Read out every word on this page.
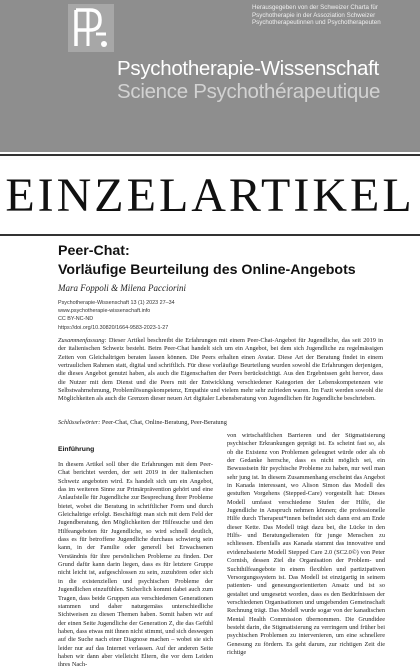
Herausgegeben von der Schweizer Charta für Psychotherapie in der Assoziation Schweizer Psychotherapeutinnen und Psychotherapeuten
Psychotherapie-Wissenschaft
Science Psychothérapeutique
EINZELARTIKEL
Peer-Chat:
Vorläufige Beurteilung des Online-Angebots
Mara Foppoli & Milena Pacciorini
Psychotherapie-Wissenschaft 13 (1) 2023 27–34
www.psychotherapie-wissenschaft.info
CC BY-NC-ND
https://doi.org/10.30820/1664-9583-2023-1-27
Zusammenfassung: Dieser Artikel beschreibt die Erfahrungen mit einem Peer-Chat-Angebot für Jugendliche, das seit 2019 in der italienischen Schweiz besteht. Beim Peer-Chat handelt sich um ein Angebot, bei dem sich Jugendliche zu regelmässigen Zeiten von Gleichaltrigen beraten lassen können. Die Peers erhalten einen Avatar. Diese Art der Beratung findet in einem vertraulichen Rahmen statt, digital und schriftlich. Für diese vorläufige Beurteilung wurden sowohl die Erfahrungen derjenigen, die dieses Angebot genutzt haben, als auch die Eigenschaften der Peers berücksichtigt. Aus den Ergebnissen geht hervor, dass die Nutzer mit dem Dienst und die Peers mit der Entwicklung verschiedener Kategorien der Lebenskompetenzen wie Selbstwahrnehmung, Problemlösungskompetenz, Empathie und vielem mehr sehr zufrieden waren. Im Fazit werden sowohl die Möglichkeiten als auch die Grenzen dieser neuen Art digitaler Lebensberatung von Jugendlichen für Jugendliche beschrieben.
Schlüsselwörter: Peer-Chat, Chat, Online-Beratung, Peer-Beratung
Einführung
In diesem Artikel soll über die Erfahrungen mit dem Peer-Chat berichtet werden, der seit 2019 in der italienischen Schweiz angeboten wird. Es handelt sich um ein Angebot, das im weiteren Sinne zur Primärprävention gehört und eine Anlaufstelle für Jugendliche zur Besprechung ihrer Probleme bietet, wobei die Beratung in schriftlicher Form und durch Gleichaltrige erfolgt. Beschäftigt man sich mit dem Feld der Jugendberatung, den Möglichkeiten der Hilfesuche und den Hilfeangeboten für Jugendliche, so wird schnell deutlich, dass es für betroffene Jugendliche durchaus schwierig sein kann, in der Familie oder generell bei Erwachsenen Verständnis für ihre persönlichen Probleme zu finden. Der Grund dafür kann darin liegen, dass es für letztere Gruppe nicht leicht ist, aufgeschlossen zu sein, zuzuhören oder sich in die existenziellen und psychischen Probleme der Jugendlichen einzufühlen. Sicherlich kommt dabei auch zum Tragen, dass beide Gruppen aus verschiedenen Generationen stammen und daher naturgemäss unterschiedliche Sichtweisen zu diesen Themen haben. Somit haben wir auf der einen Seite Jugendliche der Generation Z, die das Gefühl haben, dass etwas mit ihnen nicht stimmt, und sich deswegen auf die Suche nach einer Diagnose machen – wobei sie sich leider nur auf das Internet verlassen. Auf der anderen Seite haben wir dann aber vielleicht Eltern, die vor dem Leiden ihres Nach-
von wirtschaftlichen Barrieren und der Stigmatisierung psychischer Erkrankungen geprägt ist. Es scheint fast so, als ob die Existenz von Problemen geleugnet würde oder als ob der Gedanke herrsche, dass es nicht möglich sei, ein Bewusstsein für psychische Probleme zu haben, nur weil man sehr jung ist. In diesem Zusammenhang erscheint das Angebot in Kanada interessant, wo Alison Simon das Modell des gestuften Vorgehens (Stepped-Care) vorgestellt hat: Dieses Modell umfasst verschiedene Stufen der Hilfe, die Jugendliche in Anspruch nehmen können; die professionelle Hilfe durch Therapeut*innen befindet sich dann erst am Ende dieser Kette. Das Modell trägt dazu bei, die Lücke in den Hilfs- und Beratungsdiensten für junge Menschen zu schliessen. Ebenfalls aus Kanada stammt das innovative und evidenzbasierte Modell Stepped Care 2.0 (SC2.0©) von Peter Cornish, dessen Ziel die Organisation der Problem- und Suchthilfeangebote in einem flexiblen und partizipativen Versorgungssystem ist. Das Modell ist einzigartig in seinem patienten- und genesungsorientierten Ansatz und ist so gestaltet und umgesetzt worden, dass es den Bedürfnissen der verschiedenen Organisationen und umgebenden Gemeinschaft Rechnung trägt. Das Modell wurde sogar von der kanadischen Mental Health Commission übernommen. Die Grundidee besteht darin, die Stigmatisierung zu verringern und früher bei psychischen Problemen zu intervenieren, um eine schnellere Genesung zu fördern. Es geht darum, zur richtigen Zeit die richtige
